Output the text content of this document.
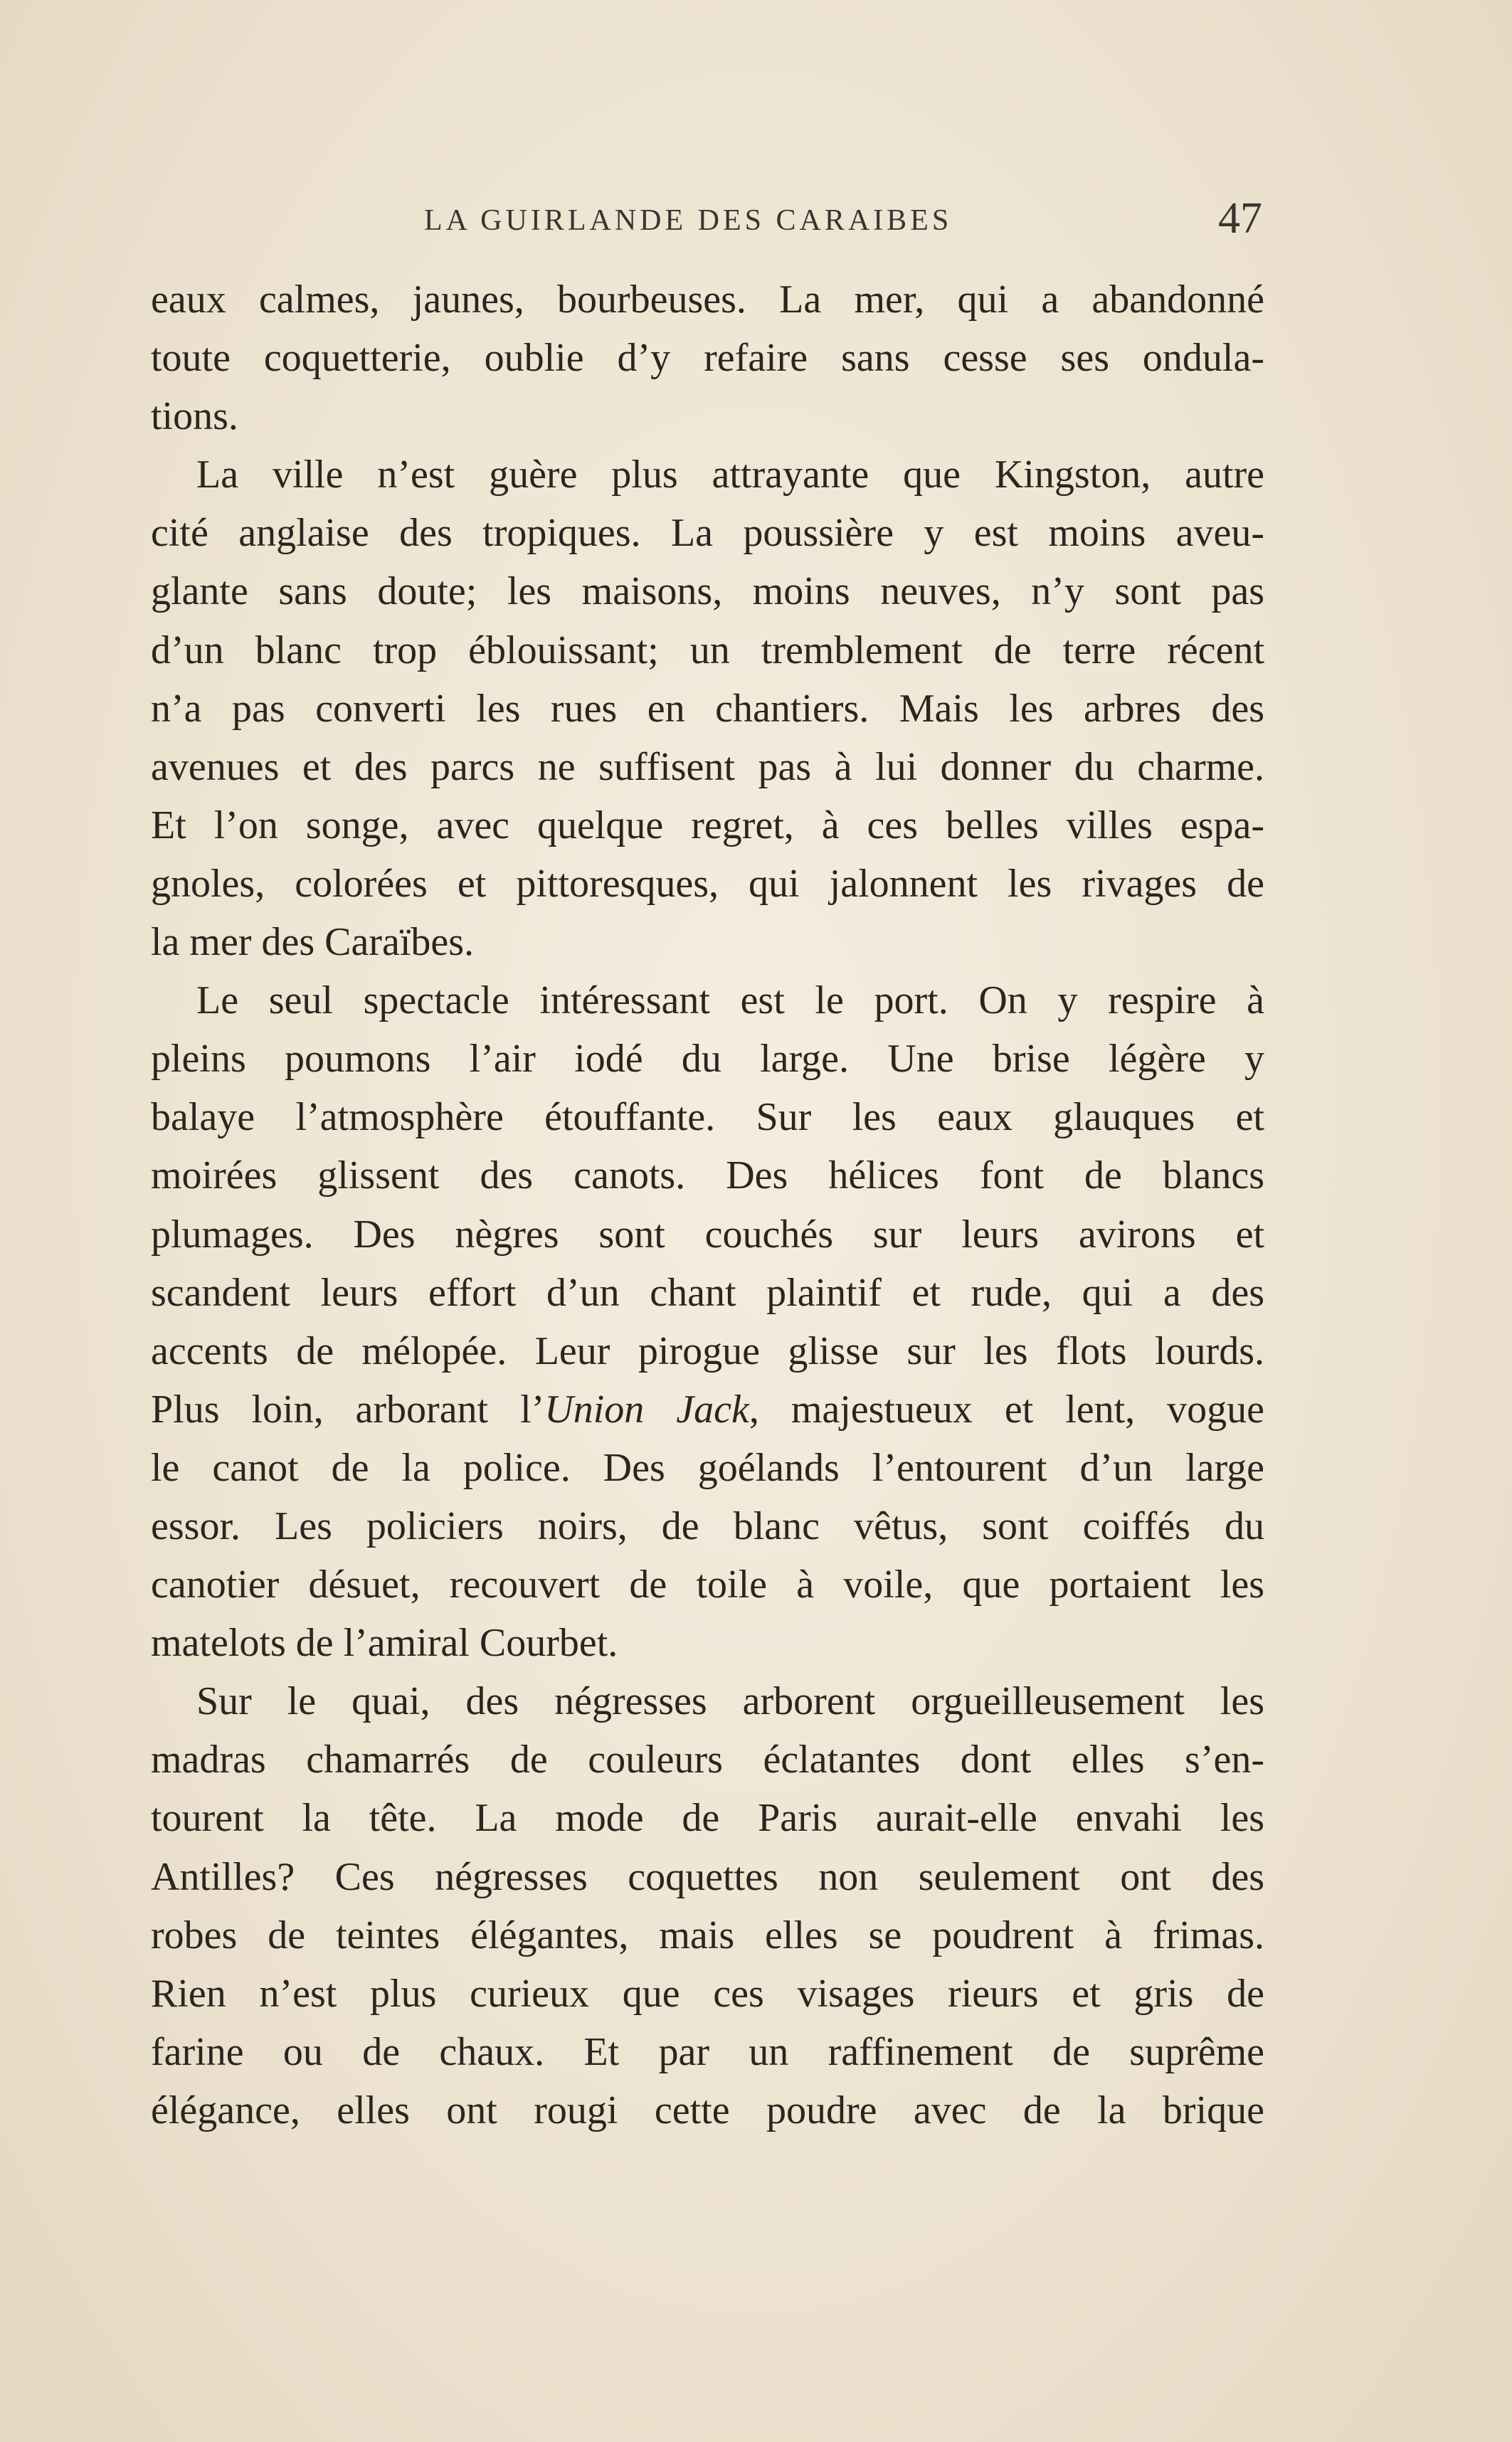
LA GUIRLANDE DES CARAIBES	47
eaux calmes, jaunes, bourbeuses. La mer, qui a abandonné
toute coquetterie, oublie d’y refaire sans cesse ses ondula-
tions.
La ville n’est guère plus attrayante que Kingston, autre
cité anglaise des tropiques. La poussière y est moins aveu-
glante sans doute; les maisons, moins neuves, n’y sont pas
d’un blanc trop éblouissant; un tremblement de terre récent
n’a pas converti les rues en chantiers. Mais les arbres des
avenues et des parcs ne suffisent pas à lui donner du charme.
Et l’on songe, avec quelque regret, à ces belles villes espa-
gnoles, colorées et pittoresques, qui jalonnent les rivages de
la mer des Caraïbes.
Le seul spectacle intéressant est le port. On y respire à
pleins poumons l’air iodé du large. Une brise légère y
balaye l’atmosphère étouffante. Sur les eaux glauques et
moirées glissent des canots. Des hélices font de blancs
plumages. Des nègres sont couchés sur leurs avirons et
scandent leurs effort d’un chant plaintif et rude, qui a des
accents de mélopée. Leur pirogue glisse sur les flots lourds.
Plus loin, arborant l’Union Jack, majestueux et lent, vogue
le canot de la police. Des goélands l’entourent d’un large
essor. Les policiers noirs, de blanc vêtus, sont coiffés du
canotier désuet, recouvert de toile à voile, que portaient les
matelots de l’amiral Courbet.
Sur le quai, des négresses arborent orgueilleusement les
madras chamarrés de couleurs éclatantes dont elles s’en-
tourent la tête. La mode de Paris aurait-elle envahi les
Antilles? Ces négresses coquettes non seulement ont des
robes de teintes élégantes, mais elles se poudrent à frimas.
Rien n’est plus curieux que ces visages rieurs et gris de
farine ou de chaux. Et par un raffinement de suprême
élégance, elles ont rougi cette poudre avec de la brique
